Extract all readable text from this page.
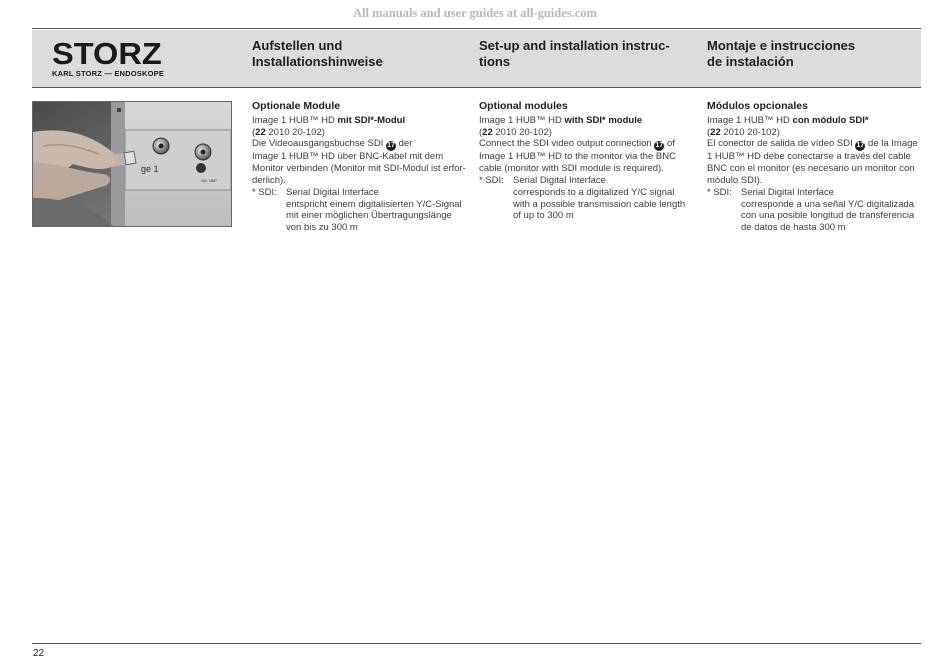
All manuals and user guides at all-guides.com
STORZ
KARL STORZ — ENDOSKOPE
Aufstellen und
Installationshinweise
Set-up and installation instruc-
tions
Montaje e instrucciones
de instalación
ge 1
SN: NBP
Optionale Module
Image 1 HUB™ HD mit SDI*-Modul
(22 2010 20-102)
Die Videoausgangsbuchse SDI 17 der
Image 1 HUB™ HD über BNC-Kabel mit dem
Monitor verbinden (Monitor mit SDI-Modul ist erfor-
derlich).
* SDI: Serial Digital Interface
entspricht einem digitalisierten Y/C-Signal
mit einer möglichen Übertragungslänge
von bis zu 300 m
Optional modules
Image 1 HUB™ HD with SDI* module
(22 2010 20-102)
Connect the SDI video output connection 17 of
Image 1 HUB™ HD to the monitor via the BNC
cable (monitor with SDI module is required).
* SDI: Serial Digital Interface
corresponds to a digitalized Y/C signal
with a possible transmission cable length
of up to 300 m
Módulos opcionales
Image 1 HUB™ HD con módulo SDI*
(22 2010 20-102)
El conector de salida de vídeo SDI 17 de la Image
1 HUB™ HD debe conectarse a través del cable
BNC con el monitor (es necesario un monitor con
módulo SDI).
* SDI: Serial Digital Interface
corresponde a una señal Y/C digitalizada
con una posible longitud de transferencia
de datos de hasta 300 m
22
